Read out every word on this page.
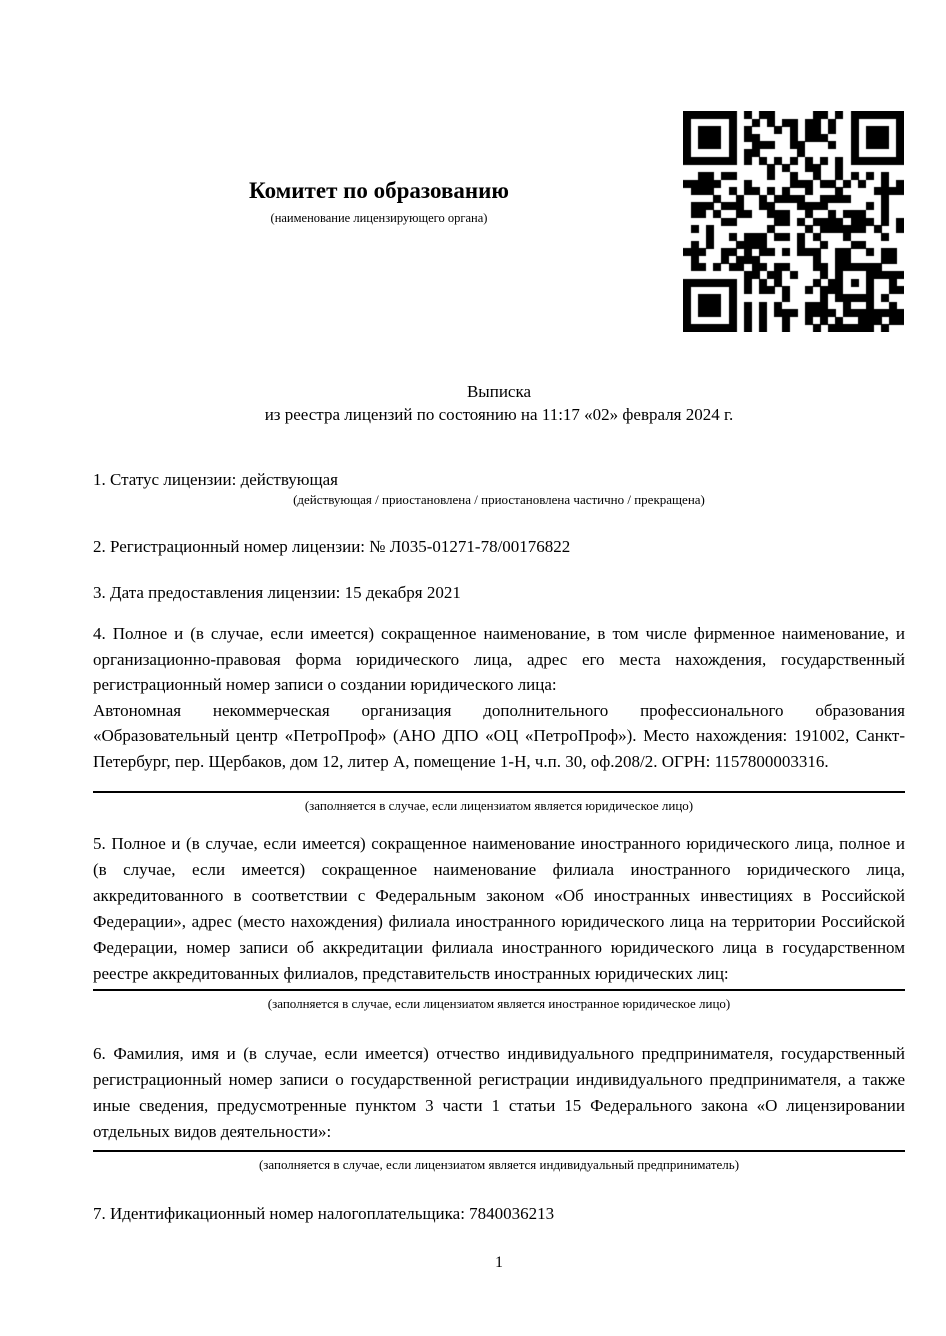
Комитет по образованию
(наименование лицензирующего органа)
Выписка
из реестра лицензий по состоянию на 11:17 «02» февраля 2024 г.
1. Статус лицензии: действующая
(действующая / приостановлена / приостановлена частично / прекращена)
2. Регистрационный номер лицензии: № Л035-01271-78/00176822
3. Дата предоставления лицензии: 15 декабря 2021
4. Полное и (в случае, если имеется) сокращенное наименование, в том числе фирменное наименование, и организационно-правовая форма юридического лица, адрес его места нахождения, государственный регистрационный номер записи о создании юридического лица:
Автономная некоммерческая организация дополнительного профессионального образования «Образовательный центр «ПетроПроф» (АНО ДПО «ОЦ «ПетроПроф»). Место нахождения: 191002, Санкт-Петербург, пер. Щербаков, дом 12, литер А, помещение 1-Н, ч.п. 30, оф.208/2. ОГРН: 1157800003316.
(заполняется в случае, если лицензиатом является юридическое лицо)
5. Полное и (в случае, если имеется) сокращенное наименование иностранного юридического лица, полное и (в случае, если имеется) сокращенное наименование филиала иностранного юридического лица, аккредитованного в соответствии с Федеральным законом «Об иностранных инвестициях в Российской Федерации», адрес (место нахождения) филиала иностранного юридического лица на территории Российской Федерации, номер записи об аккредитации филиала иностранного юридического лица в государственном реестре аккредитованных филиалов, представительств иностранных юридических лиц:
(заполняется в случае, если лицензиатом является иностранное юридическое лицо)
6. Фамилия, имя и (в случае, если имеется) отчество индивидуального предпринимателя, государственный регистрационный номер записи о государственной регистрации индивидуального предпринимателя, а также иные сведения, предусмотренные пунктом 3 части 1 статьи 15 Федерального закона «О лицензировании отдельных видов деятельности»:
(заполняется в случае, если лицензиатом является индивидуальный предприниматель)
7. Идентификационный номер налогоплательщика: 7840036213
1
